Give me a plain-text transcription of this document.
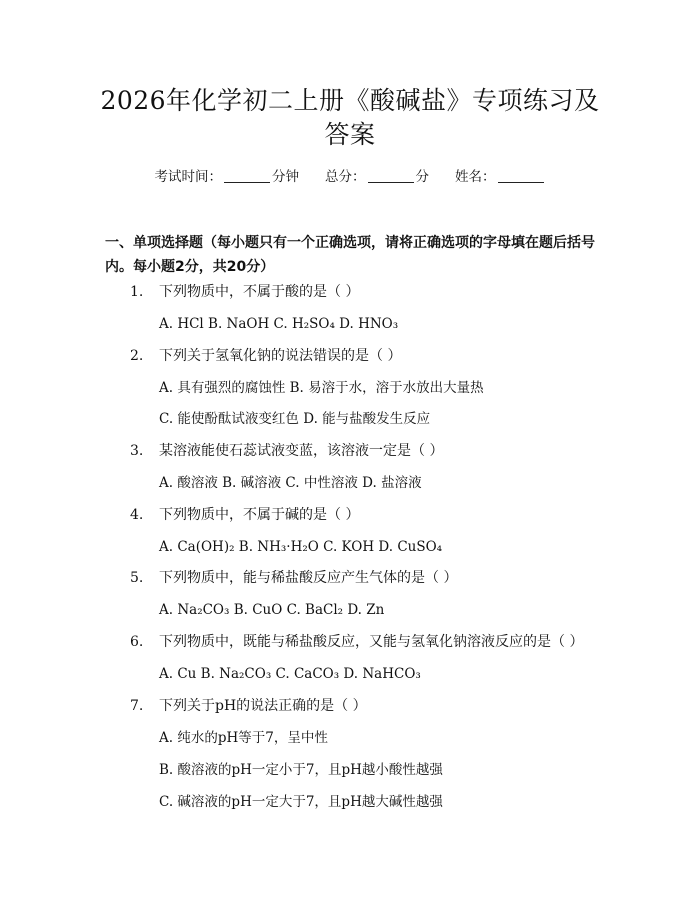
2026年化学初二上册《酸碱盐》专项练习及
答案
考试时间：	分钟 总分：	分 姓名：
一、单项选择题（每小题只有一个正确选项，请将正确选项的字母填在题后括号
内。每小题2分，共20分）
1. 下列物质中，不属于酸的是（ ）
A. HCl B. NaOH C. H₂SO₄ D. HNO₃
2. 下列关于氢氧化钠的说法错误的是（ ）
A. 具有强烈的腐蚀性 B. 易溶于水，溶于水放出大量热
C. 能使酚酞试液变红色 D. 能与盐酸发生反应
3. 某溶液能使石蕊试液变蓝，该溶液一定是（ ）
A. 酸溶液 B. 碱溶液 C. 中性溶液 D. 盐溶液
4. 下列物质中，不属于碱的是（ ）
A. Ca(OH)₂ B. NH₃·H₂O C. KOH D. CuSO₄
5. 下列物质中，能与稀盐酸反应产生气体的是（ ）
A. Na₂CO₃ B. CuO C. BaCl₂ D. Zn
6. 下列物质中，既能与稀盐酸反应，又能与氢氧化钠溶液反应的是（ ）
A. Cu B. Na₂CO₃ C. CaCO₃ D. NaHCO₃
7. 下列关于pH的说法正确的是（ ）
A. 纯水的pH等于7，呈中性
B. 酸溶液的pH一定小于7，且pH越小酸性越强
C. 碱溶液的pH一定大于7，且pH越大碱性越强
